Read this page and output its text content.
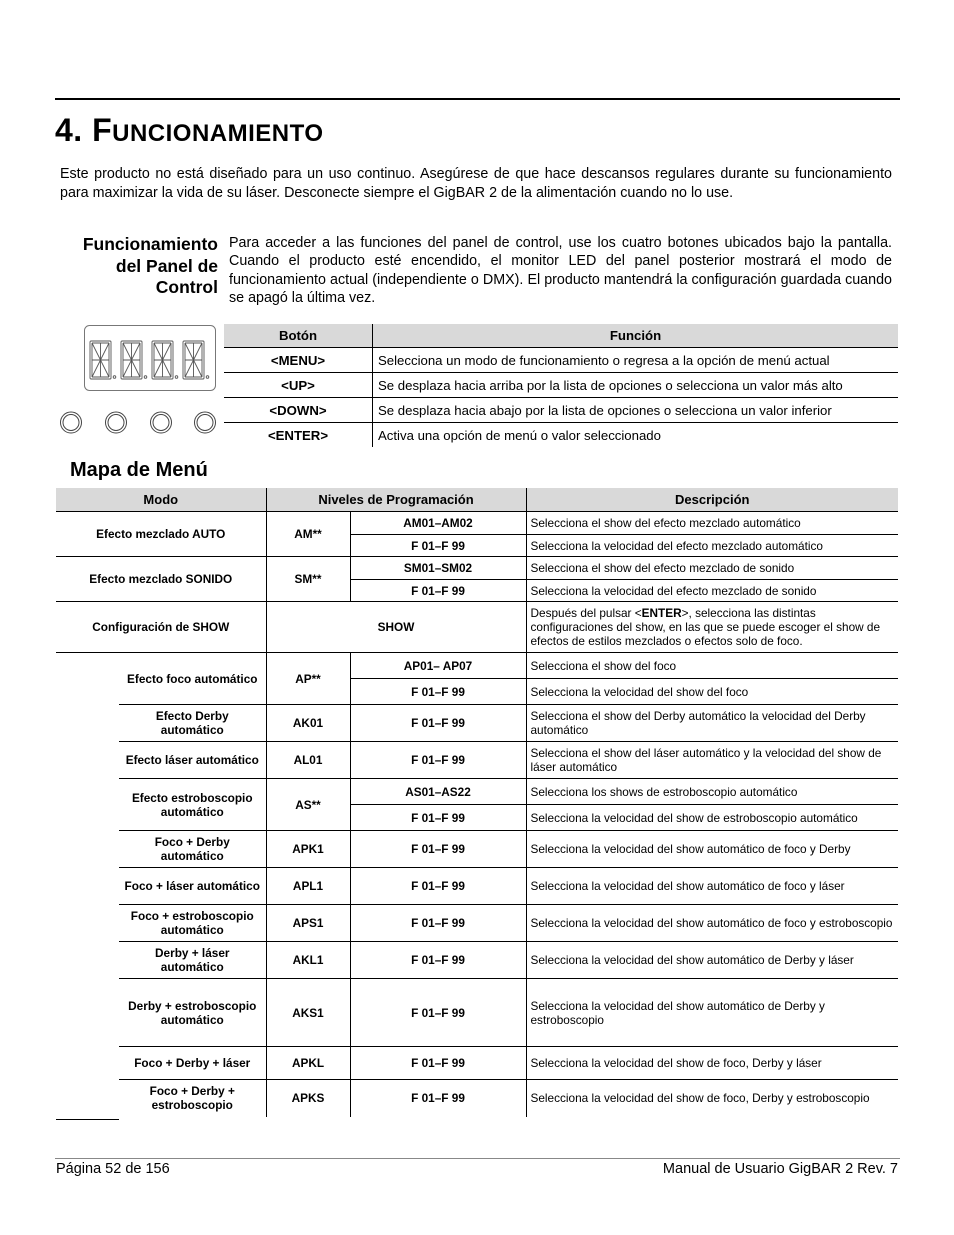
4. FUNCIONAMIENTO

Este producto no está diseñado para un uso continuo. Asegúrese de que hace descansos regulares durante su funcionamiento para maximizar la vida de su láser. Desconecte siempre el GigBAR 2 de la alimentación cuando no lo use.

Funcionamiento
del Panel de
Control

Para acceder a las funciones del panel de control, use los cuatro botones ubicados bajo la pantalla. Cuando el producto esté encendido, el monitor LED del panel posterior mostrará el modo de funcionamiento actual (independiente o DMX). El producto mantendrá la configuración guardada cuando se apagó la última vez.

Botón	Función
<MENU>	Selecciona un modo de funcionamiento o regresa a la opción de menú actual
<UP>	Se desplaza hacia arriba por la lista de opciones o selecciona un valor más alto
<DOWN>	Se desplaza hacia abajo por la lista de opciones o selecciona un valor inferior
<ENTER>	Activa una opción de menú o valor seleccionado
Mapa de Menú
Modo		Niveles de Programación		Descripción
Efecto mezclado AUTO		AM**	AM01–AM02	Selecciona el show del efecto mezclado automático
			F 01–F 99	Selecciona la velocidad del efecto mezclado automático
Efecto mezclado SONIDO		SM**	SM01–SM02	Selecciona el show del efecto mezclado de sonido
			F 01–F 99	Selecciona la velocidad del efecto mezclado de sonido
Configuración de SHOW		SHOW		Después del pulsar <ENTER>, selecciona las distintas configuraciones del show, en las que se puede escoger el show de efectos de estilos mezclados o efectos solo de foco.
	Efecto foco automático	AP**	AP01– AP07	Selecciona el show del foco
			F 01–F 99	Selecciona la velocidad del show del foco
	Efecto Derby automático	AK01	F 01–F 99	Selecciona el show del Derby automático la velocidad del Derby automático
	Efecto láser automático	AL01	F 01–F 99	Selecciona el show del láser automático y la velocidad del show de láser automático
	Efecto estroboscopio automático	AS**	AS01–AS22	Selecciona los shows de estroboscopio automático
			F 01–F 99	Selecciona la velocidad del show de estroboscopio automático
	Foco + Derby automático	APK1	F 01–F 99	Selecciona la velocidad del show automático de foco y Derby
	Foco + láser automático	APL1	F 01–F 99	Selecciona la velocidad del show automático de foco y láser
	Foco + estroboscopio automático	APS1	F 01–F 99	Selecciona la velocidad del show automático de foco y estroboscopio
	Derby + láser automático	AKL1	F 01–F 99	Selecciona la velocidad del show automático de Derby y láser
	Derby + estroboscopio automático	AKS1	F 01–F 99	Selecciona la velocidad del show automático de Derby y estroboscopio
	Foco + Derby + láser	APKL	F 01–F 99	Selecciona la velocidad del show de foco, Derby y láser
	Foco + Derby + estroboscopio	APKS	F 01–F 99	Selecciona la velocidad del show de foco, Derby y estroboscopio
Página 52 de 156	Manual de Usuario GigBAR 2 Rev. 7
